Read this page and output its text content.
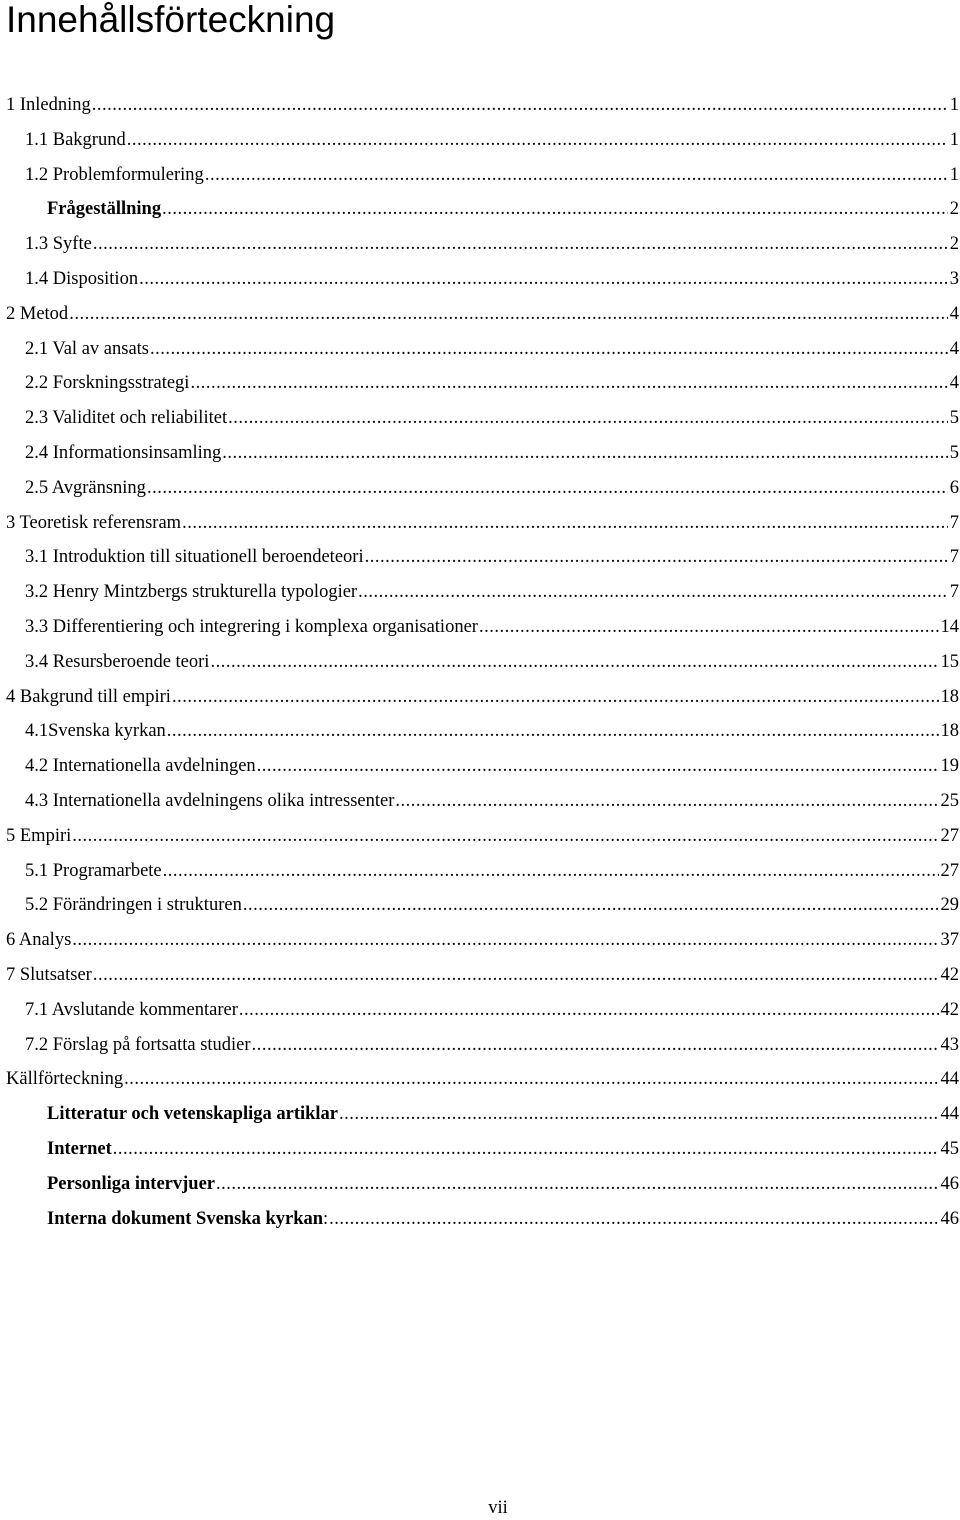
Innehållsförteckning
1 Inledning .....	1
1.1 Bakgrund .....	1
1.2 Problemformulering .....	1
Frågeställning .....	2
1.3 Syfte .....	2
1.4 Disposition .....	3
2 Metod .....	4
2.1 Val av ansats .....	4
2.2 Forskningsstrategi .....	4
2.3 Validitet och reliabilitet .....	5
2.4 Informationsinsamling .....	5
2.5 Avgränsning .....	6
3 Teoretisk referensram .....	7
3.1 Introduktion till situationell beroendeteori .....	7
3.2 Henry Mintzbergs strukturella typologier .....	7
3.3 Differentiering och integrering i komplexa organisationer .....	14
3.4 Resursberoende teori .....	15
4 Bakgrund till empiri .....	18
4.1Svenska kyrkan .....	18
4.2 Internationella avdelningen .....	19
4.3 Internationella avdelningens olika intressenter .....	25
5 Empiri .....	27
5.1 Programarbete .....	27
5.2 Förändringen i strukturen .....	29
6 Analys .....	37
7 Slutsatser .....	42
7.1 Avslutande kommentarer .....	42
7.2 Förslag på fortsatta studier .....	43
Källförteckning .....	44
Litteratur och vetenskapliga artiklar .....	44
Internet .....	45
Personliga intervjuer .....	46
Interna dokument Svenska kyrkan : .....	46
vii
